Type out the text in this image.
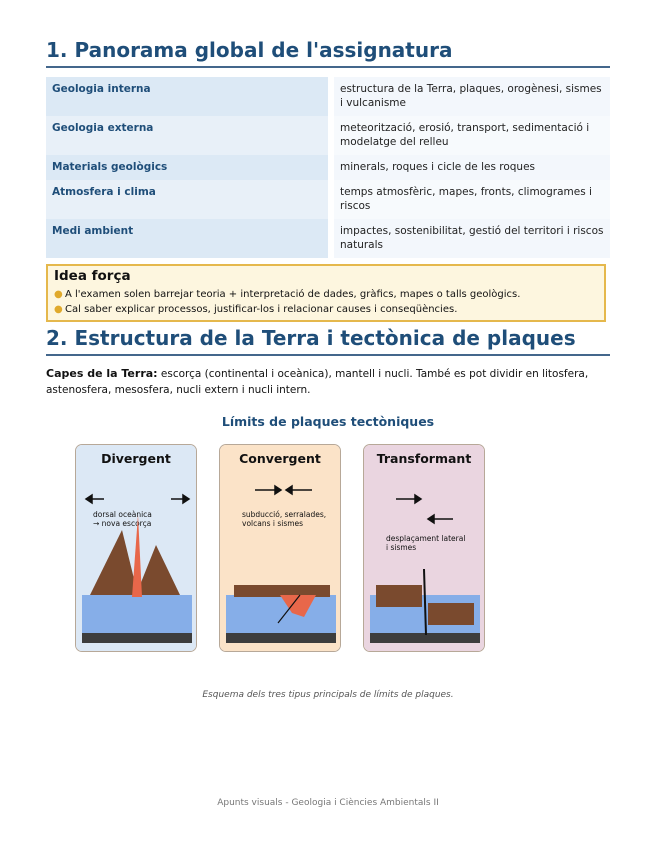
1. Panorama global de l'assignatura
Geologia interna	estructura de la Terra, plaques, orogènesi, sismes i vulcanisme
Geologia externa	meteorització, erosió, transport, sedimentació i modelatge del relleu
Materials geològics	minerals, roques i cicle de les roques
Atmosfera i clima	temps atmosfèric, mapes, fronts, climogrames i riscos
Medi ambient	impactes, sostenibilitat, gestió del territori i riscos naturals
Idea força
● A l'examen solen barrejar teoria + interpretació de dades, gràfics, mapes o talls geològics.
● Cal saber explicar processos, justificar-los i relacionar causes i conseqüències.
2. Estructura de la Terra i tectònica de plaques
Capes de la Terra: escorça (continental i oceànica), mantell i nucli. També es pot dividir en litosfera, astenosfera, mesosfera, nucli extern i nucli intern.
Límits de plaques tectòniques
dorsal oceànica
→ nova escorça
Divergent
subducció, serralades,
volcans i sismes
Convergent
desplaçament lateral
i sismes
Transformant
Esquema dels tres tipus principals de límits de plaques.
Apunts visuals - Geologia i Ciències Ambientals II
